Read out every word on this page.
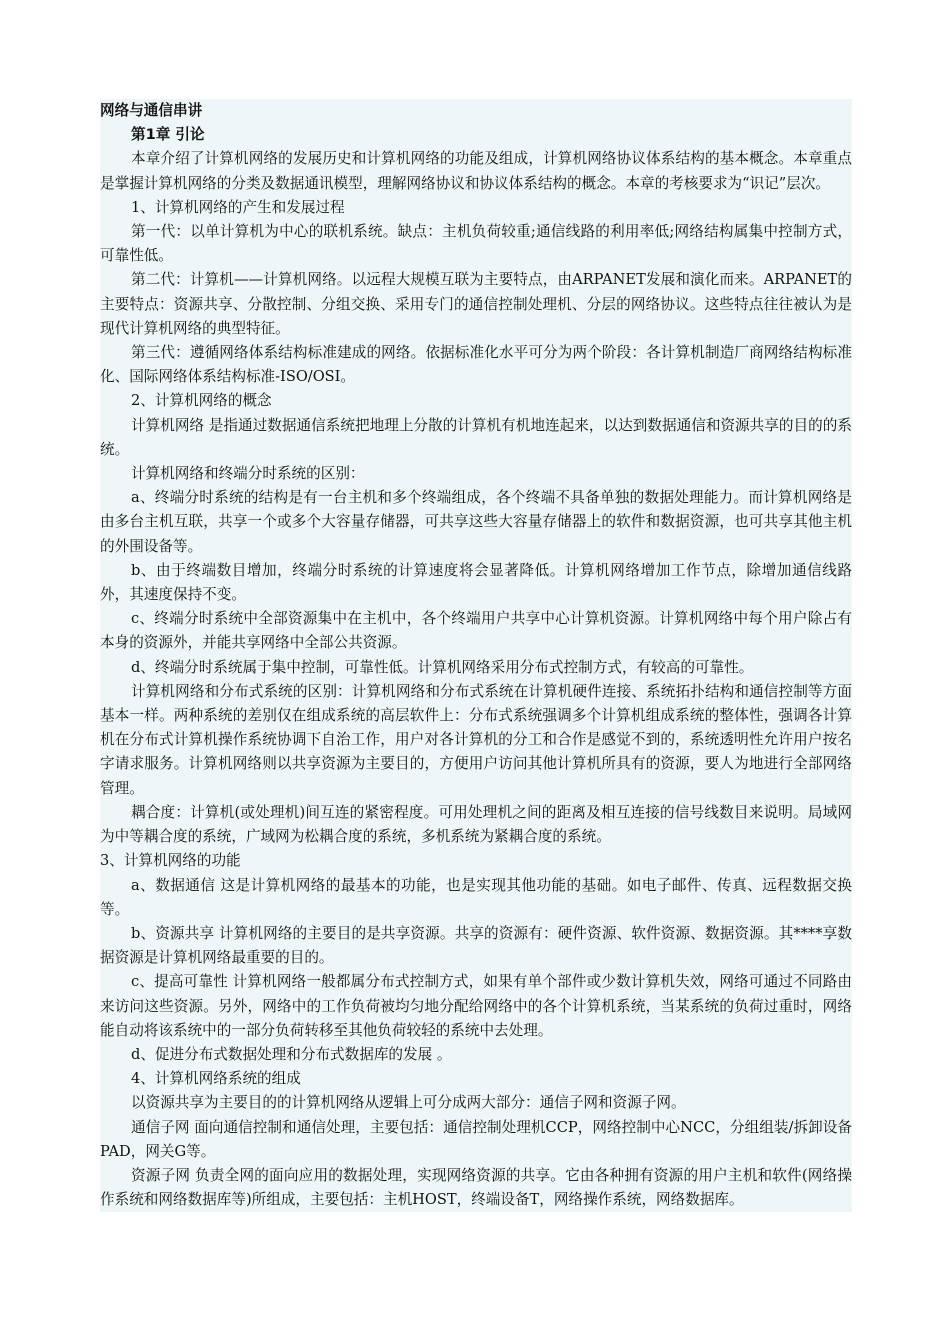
网络与通信串讲

第1章 引论

本章介绍了计算机网络的发展历史和计算机网络的功能及组成，计算机网络协议体系结构的基本概念。本章重点是掌握计算机网络的分类及数据通讯模型，理解网络协议和协议体系结构的概念。本章的考核要求为“识记”层次。

1、计算机网络的产生和发展过程

第一代：以单计算机为中心的联机系统。缺点：主机负荷较重;通信线路的利用率低;网络结构属集中控制方式，可靠性低。

第二代：计算机——计算机网络。以远程大规模互联为主要特点，由ARPANET发展和演化而来。ARPANET的主要特点：资源共享、分散控制、分组交换、采用专门的通信控制处理机、分层的网络协议。这些特点往往被认为是现代计算机网络的典型特征。

第三代：遵循网络体系结构标准建成的网络。依据标准化水平可分为两个阶段：各计算机制造厂商网络结构标准化、国际网络体系结构标准-ISO/OSI。

2、计算机网络的概念

计算机网络 是指通过数据通信系统把地理上分散的计算机有机地连起来，以达到数据通信和资源共享的目的的系统。

计算机网络和终端分时系统的区别：

a、终端分时系统的结构是有一台主机和多个终端组成，各个终端不具备单独的数据处理能力。而计算机网络是由多台主机互联，共享一个或多个大容量存储器，可共享这些大容量存储器上的软件和数据资源，也可共享其他主机的外围设备等。

b、由于终端数目增加，终端分时系统的计算速度将会显著降低。计算机网络增加工作节点，除增加通信线路外，其速度保持不变。

c、终端分时系统中全部资源集中在主机中，各个终端用户共享中心计算机资源。计算机网络中每个用户除占有本身的资源外，并能共享网络中全部公共资源。

d、终端分时系统属于集中控制，可靠性低。计算机网络采用分布式控制方式，有较高的可靠性。

计算机网络和分布式系统的区别：计算机网络和分布式系统在计算机硬件连接、系统拓扑结构和通信控制等方面基本一样。两种系统的差别仅在组成系统的高层软件上：分布式系统强调多个计算机组成系统的整体性，强调各计算机在分布式计算机操作系统协调下自治工作，用户对各计算机的分工和合作是感觉不到的，系统透明性允许用户按名字请求服务。计算机网络则以共享资源为主要目的，方便用户访问其他计算机所具有的资源，要人为地进行全部网络管理。

耦合度：计算机(或处理机)间互连的紧密程度。可用处理机之间的距离及相互连接的信号线数目来说明。局域网为中等耦合度的系统，广域网为松耦合度的系统，多机系统为紧耦合度的系统。

3、计算机网络的功能

a、数据通信 这是计算机网络的最基本的功能，也是实现其他功能的基础。如电子邮件、传真、远程数据交换等。

b、资源共享 计算机网络的主要目的是共享资源。共享的资源有：硬件资源、软件资源、数据资源。其****享数据资源是计算机网络最重要的目的。

c、提高可靠性 计算机网络一般都属分布式控制方式，如果有单个部件或少数计算机失效，网络可通过不同路由来访问这些资源。另外，网络中的工作负荷被均匀地分配给网络中的各个计算机系统，当某系统的负荷过重时，网络能自动将该系统中的一部分负荷转移至其他负荷较轻的系统中去处理。

d、促进分布式数据处理和分布式数据库的发展 。

4、计算机网络系统的组成

以资源共享为主要目的的计算机网络从逻辑上可分成两大部分：通信子网和资源子网。

通信子网 面向通信控制和通信处理，主要包括：通信控制处理机CCP，网络控制中心NCC，分组组装/拆卸设备PAD，网关G等。

资源子网 负责全网的面向应用的数据处理，实现网络资源的共享。它由各种拥有资源的用户主机和软件(网络操作系统和网络数据库等)所组成，主要包括：主机HOST，终端设备T，网络操作系统，网络数据库。
